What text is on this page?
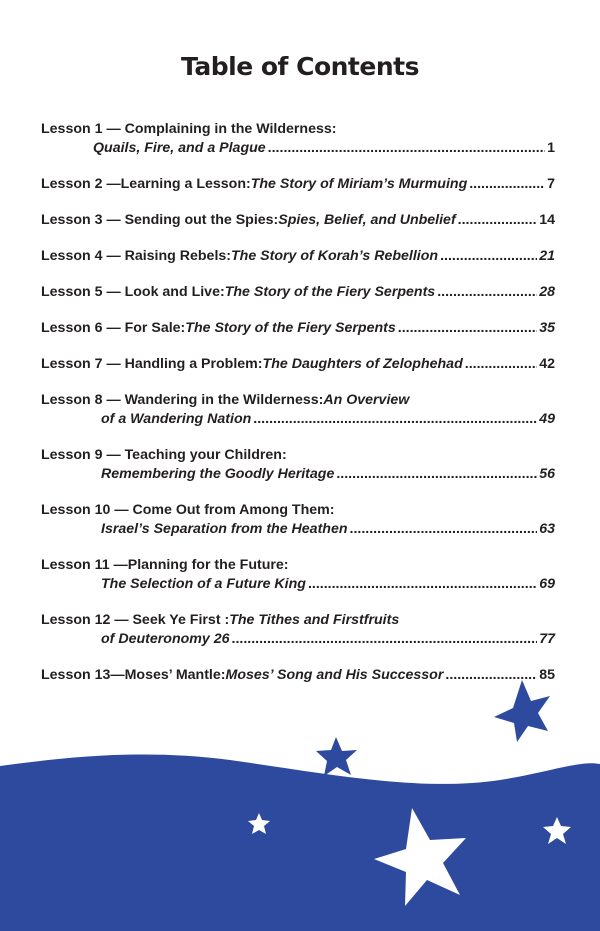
Table of Contents
Lesson 1 — Complaining in the Wilderness:
Quails, Fire, and a Plague .....	1
Lesson 2 —Learning a Lesson: The Story of Miriam’s Murmuing .....	7
Lesson 3 — Sending out the Spies: Spies, Belief, and Unbelief .....	14
Lesson 4 — Raising Rebels: The Story of Korah’s Rebellion .....	21
Lesson 5 — Look and Live: The Story of the Fiery Serpents .....	28
Lesson 6 — For Sale: The Story of the Fiery Serpents .....	35
Lesson 7 — Handling a Problem: The Daughters of Zelophehad .....	42
Lesson 8 — Wandering in the Wilderness: An Overview
of a Wandering Nation .....	49
Lesson 9 — Teaching your Children:
Remembering the Goodly Heritage .....	56
Lesson 10 — Come Out from Among Them:
Israel’s Separation from the Heathen .....	63
Lesson 11 —Planning for the Future:
The Selection of a Future King .....	69
Lesson 12 — Seek Ye First : The Tithes and Firstfruits
of Deuteronomy 26 .....	77
Lesson 13—Moses’ Mantle: Moses’ Song and His Successor .....	85
